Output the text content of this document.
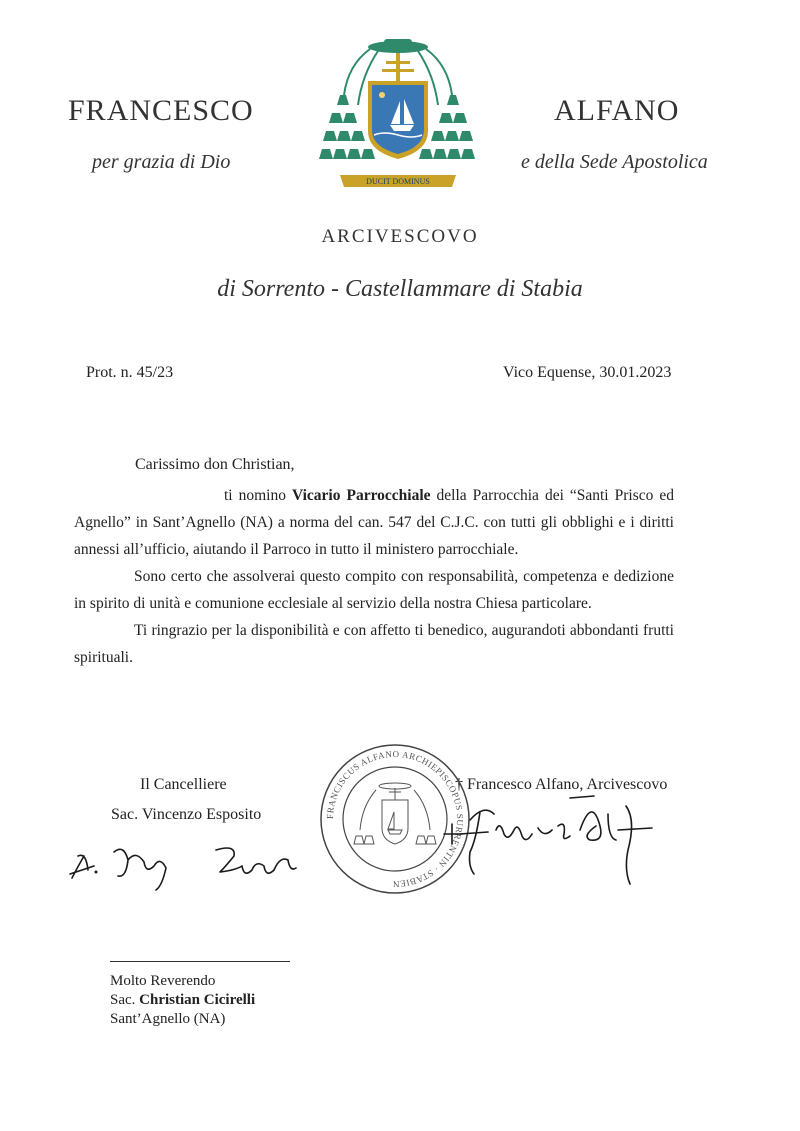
FRANCESCO	ALFANO
per grazia di Dio	e della Sede Apostolica
DUCIT DOMINUS
ARCIVESCOVO
di Sorrento - Castellammare di Stabia
Prot. n. 45/23	Vico Equense, 30.01.2023
Carissimo don Christian,

ti nomino Vicario Parrocchiale della Parrocchia dei “Santi Prisco ed Agnello” in Sant’Agnello (NA) a norma del can. 547 del C.J.C. con tutti gli obblighi e i diritti annessi all’ufficio, aiutando il Parroco in tutto il ministero parrocchiale.

Sono certo che assolverai questo compito con responsabilità, competenza e dedizione in spirito di unità e comunione ecclesiale al servizio della nostra Chiesa particolare.

Ti ringrazio per la disponibilità e con affetto ti benedico, augurandoti abbondanti frutti spirituali.

Il Cancelliere
Sac. Vincenzo Esposito
† Francesco Alfano, Arcivescovo
FRANCISCUS ALFANO ARCHIEPISCOPUS SURRENTIN · STABIEN
Molto Reverendo
Sac. Christian Cicirelli
Sant’Agnello (NA)
